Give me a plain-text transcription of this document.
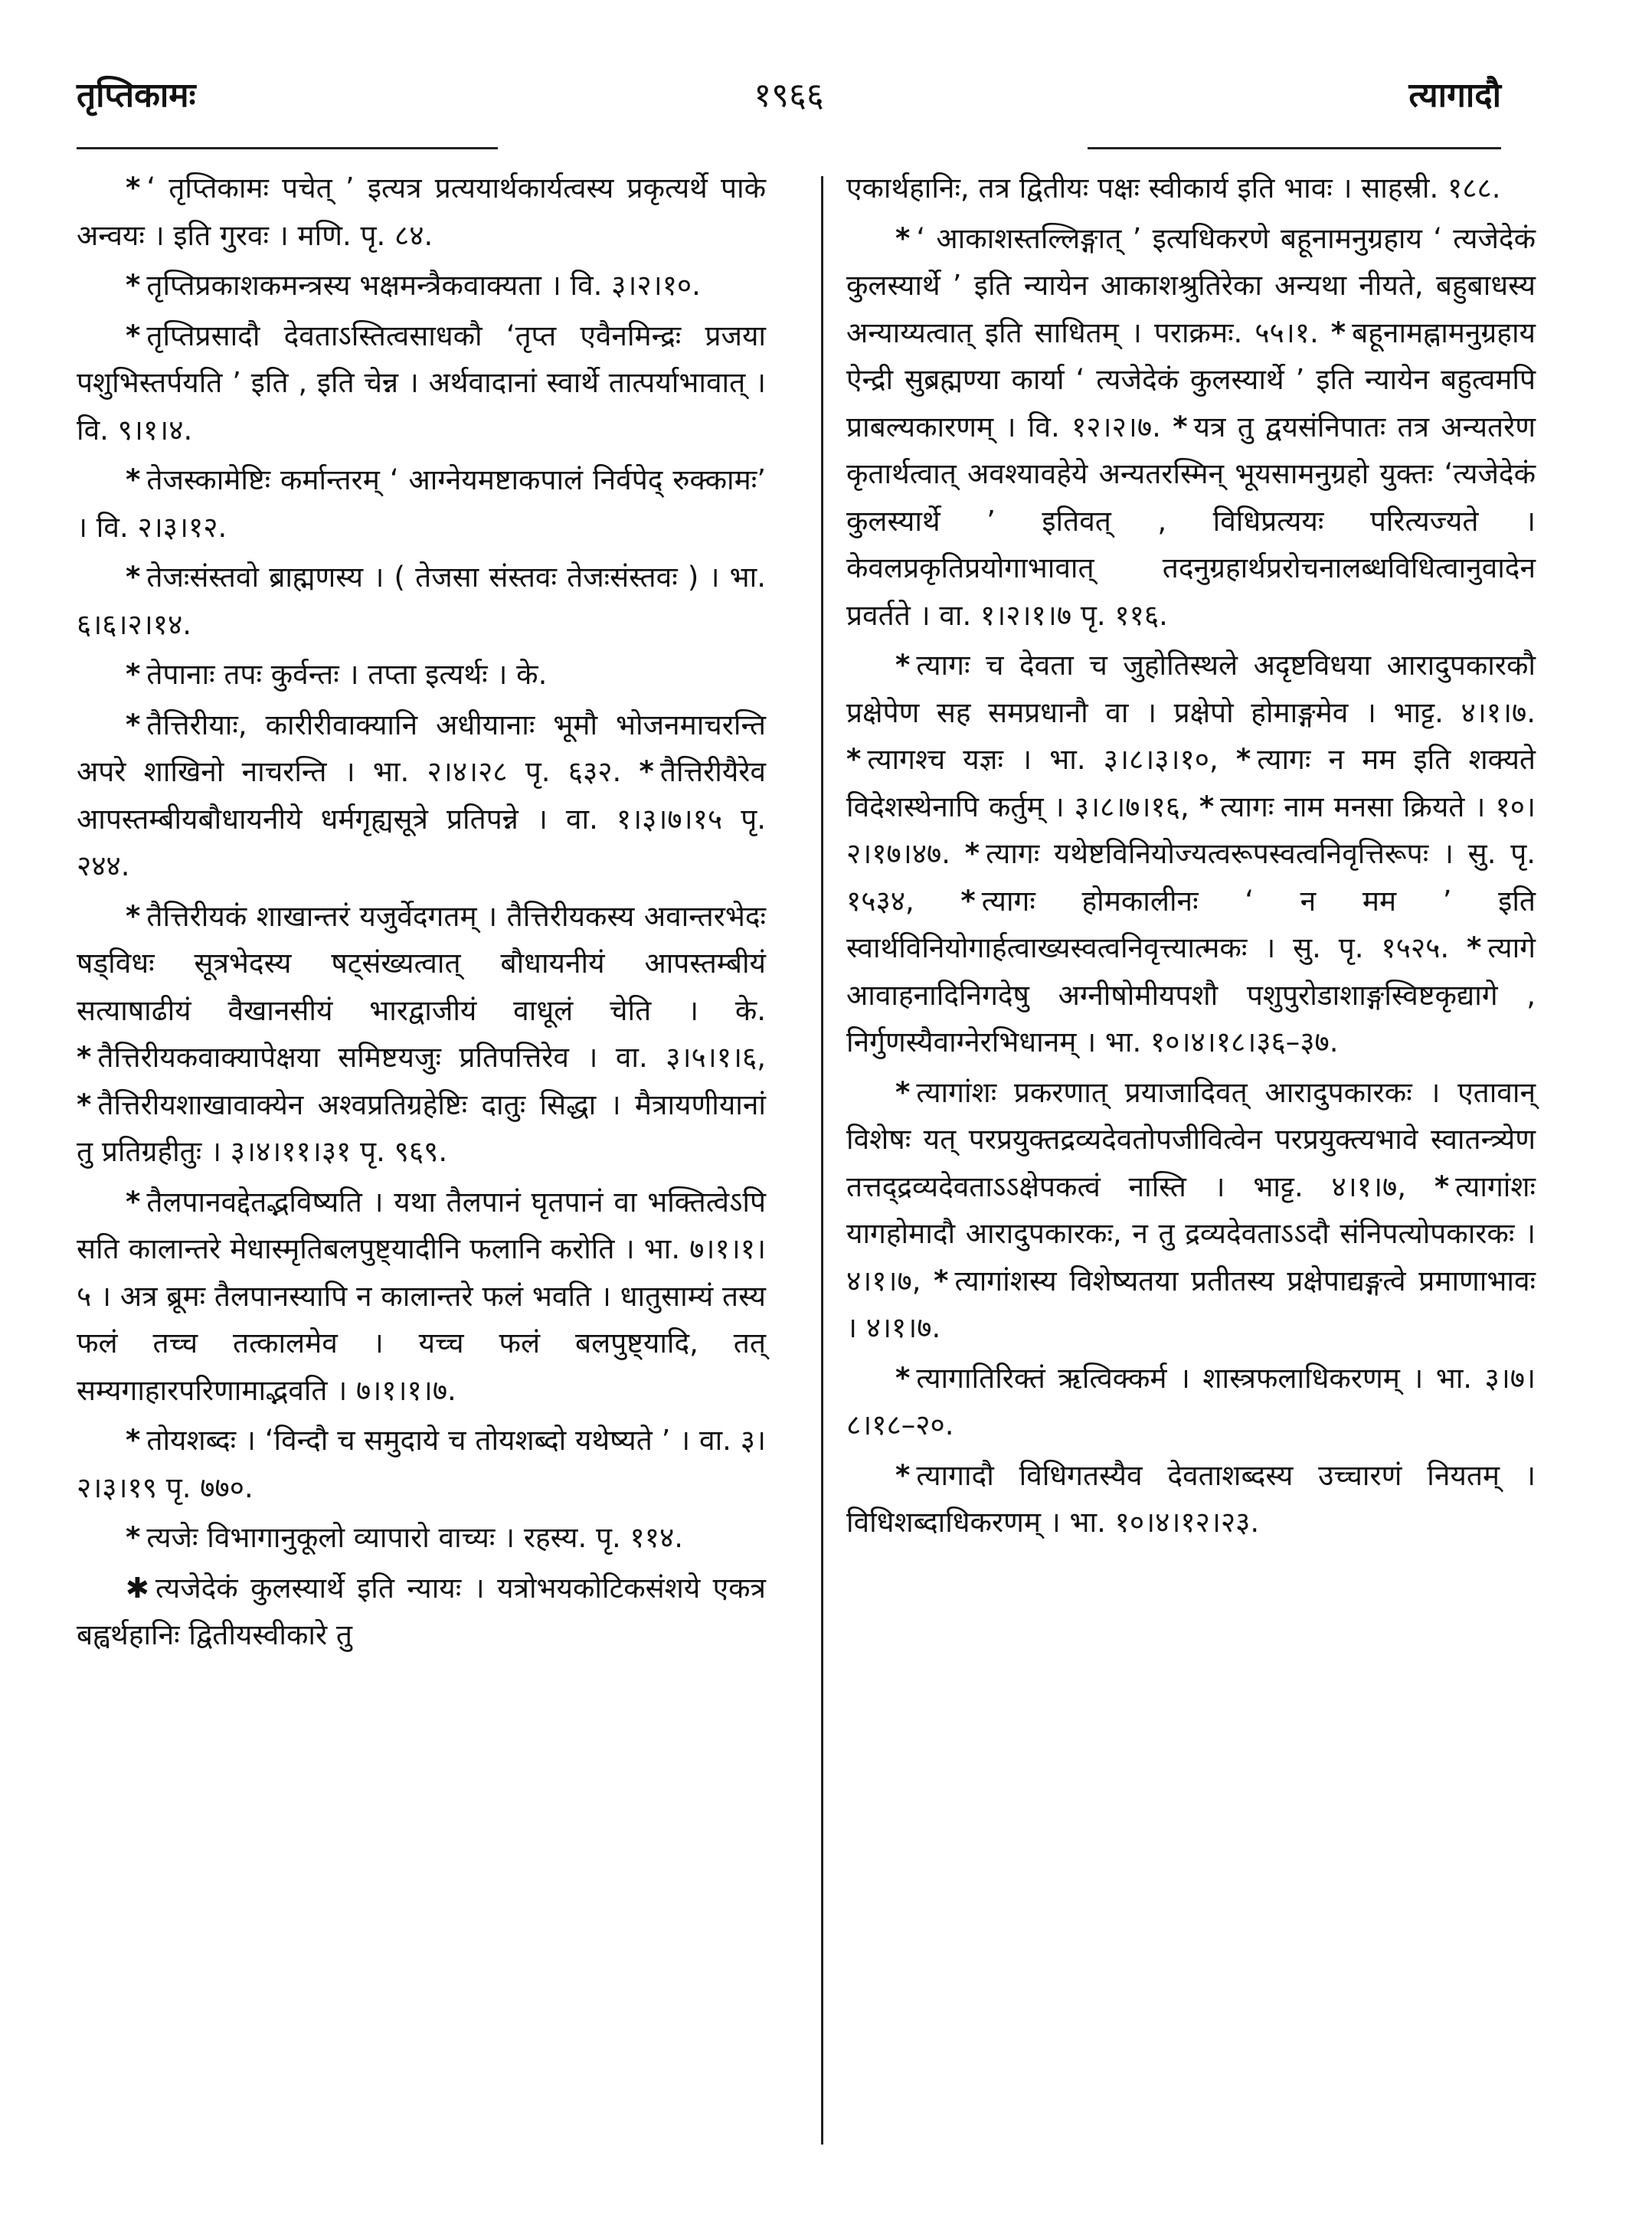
तृप्तिकामः	१९६६	त्यागादौ

* ‘ तृप्तिकामः पचेत् ’ इत्यत्र प्रत्ययार्थकार्यत्वस्य प्रकृत्यर्थे पाके अन्वयः । इति गुरवः । मणि. पृ. ८४.

* तृप्तिप्रकाशकमन्त्रस्य भक्षमन्त्रैकवाक्यता । वि. ३।२।१०.

* तृप्तिप्रसादौ देवताऽस्तित्वसाधकौ ‘तृप्त एवैनमिन्द्रः प्रजया पशुभिस्तर्पयति ’ इति , इति चेन्न । अर्थवादानां स्वार्थे तात्पर्याभावात् । वि. ९।१।४.

* तेजस्कामेष्टिः कर्मान्तरम् ‘ आग्नेयमष्टाकपालं निर्वपेद् रुक्कामः’ । वि. २।३।१२.

* तेजःसंस्तवो ब्राह्मणस्य । ( तेजसा संस्तवः तेजःसंस्तवः ) । भा. ६।६।२।१४.

* तेपानाः तपः कुर्वन्तः । तप्ता इत्यर्थः । के.

* तैत्तिरीयाः, कारीरीवाक्यानि अधीयानाः भूमौ भोजनमाचरन्ति अपरे शाखिनो नाचरन्ति । भा. २।४।२८ पृ. ६३२. * तैत्तिरीयैरेव आपस्तम्बीयबौधायनीये धर्मगृह्यसूत्रे प्रतिपन्ने । वा. १।३।७।१५ पृ. २४४.

* तैत्तिरीयकं शाखान्तरं यजुर्वेदगतम् । तैत्तिरीयकस्य अवान्तरभेदः षड्विधः सूत्रभेदस्य षट्संख्यत्वात् बौधायनीयं आपस्तम्बीयं सत्याषाढीयं वैखानसीयं भारद्वाजीयं वाधूलं चेति । के. * तैत्तिरीयकवाक्यापेक्षया समिष्टयजुः प्रतिपत्तिरेव । वा. ३।५।१।६, * तैत्तिरीयशाखावाक्येन अश्वप्रतिग्रहेष्टिः दातुः सिद्धा । मैत्रायणीयानां तु प्रतिग्रहीतुः । ३।४।११।३१ पृ. ९६९.

* तैलपानवद्देतद्भविष्यति । यथा तैलपानं घृतपानं वा भक्तित्वेऽपि सति कालान्तरे मेधास्मृतिबलपुष्ट्यादीनि फलानि करोति । भा. ७।१।१।५ । अत्र ब्रूमः तैलपानस्यापि न कालान्तरे फलं भवति । धातुसाम्यं तस्य फलं तच्च तत्कालमेव । यच्च फलं बलपुष्ट्यादि, तत् सम्यगाहारपरिणामाद्भवति । ७।१।१।७.

* तोयशब्दः । ‘विन्दौ च समुदाये च तोयशब्दो यथेष्यते ’ । वा. ३।२।३।१९ पृ. ७७०.

* त्यजेः विभागानुकूलो व्यापारो वाच्यः । रहस्य. पृ. ११४.

✱ त्यजेदेकं कुलस्यार्थे इति न्यायः । यत्रोभयकोटिकसंशये एकत्र बह्वर्थहानिः द्वितीयस्वीकारे तु

एकार्थहानिः, तत्र द्वितीयः पक्षः स्वीकार्य इति भावः । साहस्री. १८८.

* ‘ आकाशस्तल्लिङ्गात् ’ इत्यधिकरणे बहूनामनुग्रहाय ‘ त्यजेदेकं कुलस्यार्थे ’ इति न्यायेन आकाशश्रुतिरेका अन्यथा नीयते, बहुबाधस्य अन्याय्यत्वात् इति साधितम् । पराक्रमः. ५५।१. * बहूनामह्नामनुग्रहाय ऐन्द्री सुब्रह्मण्या कार्या ‘ त्यजेदेकं कुलस्यार्थे ’ इति न्यायेन बहुत्वमपि प्राबल्यकारणम् । वि. १२।२।७. * यत्र तु द्वयसंनिपातः तत्र अन्यतरेण कृतार्थत्वात् अवश्यावहेये अन्यतरस्मिन् भूयसामनुग्रहो युक्तः ‘त्यजेदेकं कुलस्यार्थे ’ इतिवत् , विधिप्रत्ययः परित्यज्यते । केवलप्रकृतिप्रयोगाभावात् तदनुग्रहार्थप्ररोचनालब्धविधित्वानुवादेन प्रवर्तते । वा. १।२।१।७ पृ. ११६.

* त्यागः च देवता च जुहोतिस्थले अदृष्टविधया आरादुपकारकौ प्रक्षेपेण सह समप्रधानौ वा । प्रक्षेपो होमाङ्गमेव । भाट्ट. ४।१।७. * त्यागश्च यज्ञः । भा. ३।८।३।१०, * त्यागः न मम इति शक्यते विदेशस्थेनापि कर्तुम् । ३।८।७।१६, * त्यागः नाम मनसा क्रियते । १०।२।१७।४७. * त्यागः यथेष्टविनियोज्यत्वरूपस्वत्वनिवृत्तिरूपः । सु. पृ. १५३४, * त्यागः होमकालीनः ‘ न मम ’ इति स्वार्थविनियोगार्हत्वाख्यस्वत्वनिवृत्त्यात्मकः । सु. पृ. १५२५. * त्यागे आवाहनादिनिगदेषु अग्नीषोमीयपशौ पशुपुरोडाशाङ्गस्विष्टकृद्यागे , निर्गुणस्यैवाग्नेरभिधानम् । भा. १०।४।१८।३६–३७.

* त्यागांशः प्रकरणात् प्रयाजादिवत् आरादुपकारकः । एतावान् विशेषः यत् परप्रयुक्तद्रव्यदेवतोपजीवित्वेन परप्रयुक्त्यभावे स्वातन्त्र्येण तत्तद्द्रव्यदेवताऽऽक्षेपकत्वं नास्ति । भाट्ट. ४।१।७, * त्यागांशः यागहोमादौ आरादुपकारकः, न तु द्रव्यदेवताऽऽदौ संनिपत्योपकारकः । ४।१।७, * त्यागांशस्य विशेष्यतया प्रतीतस्य प्रक्षेपाद्यङ्गत्वे प्रमाणाभावः । ४।१।७.

* त्यागातिरिक्तं ऋत्विक्कर्म । शास्त्रफलाधिकरणम् । भा. ३।७।८।१८–२०.

* त्यागादौ विधिगतस्यैव देवताशब्दस्य उच्चारणं नियतम् । विधिशब्दाधिकरणम् । भा. १०।४।१२।२३.
